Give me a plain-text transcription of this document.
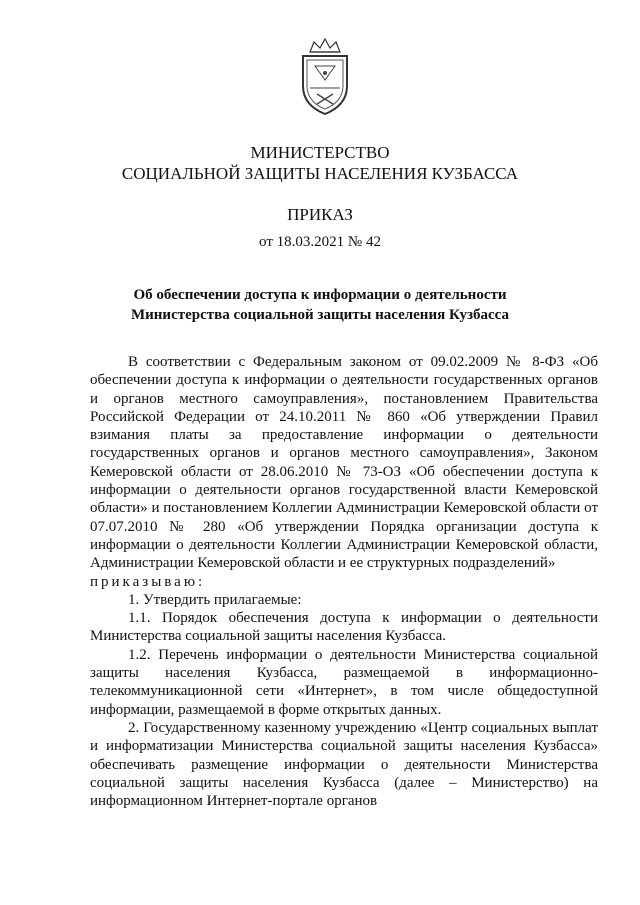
МИНИСТЕРСТВО
СОЦИАЛЬНОЙ ЗАЩИТЫ НАСЕЛЕНИЯ КУЗБАССА
ПРИКАЗ
от 18.03.2021 № 42
Об обеспечении доступа к информации о деятельности
Министерства социальной защиты населения Кузбасса

В соответствии с Федеральным законом от 09.02.2009 № 8-ФЗ «Об обеспечении доступа к информации о деятельности государственных органов и органов местного самоуправления», постановлением Правительства Российской Федерации от 24.10.2011 № 860 «Об утверждении Правил взимания платы за предоставление информации о деятельности государственных органов и органов местного самоуправления», Законом Кемеровской области от 28.06.2010 № 73-ОЗ «Об обеспечении доступа к информации о деятельности органов государственной власти Кемеровской области» и постановлением Коллегии Администрации Кемеровской области от 07.07.2010 № 280 «Об утверждении Порядка организации доступа к информации о деятельности Коллегии Администрации Кемеровской области, Администрации Кемеровской области и ее структурных подразделений»

приказываю:

1. Утвердить прилагаемые:

1.1. Порядок обеспечения доступа к информации о деятельности Министерства социальной защиты населения Кузбасса.

1.2. Перечень информации о деятельности Министерства социальной защиты населения Кузбасса, размещаемой в информационно-телекоммуникационной сети «Интернет», в том числе общедоступной информации, размещаемой в форме открытых данных.

2. Государственному казенному учреждению «Центр социальных выплат и информатизации Министерства социальной защиты населения Кузбасса» обеспечивать размещение информации о деятельности Министерства социальной защиты населения Кузбасса (далее – Министерство) на информационном Интернет-портале органов
